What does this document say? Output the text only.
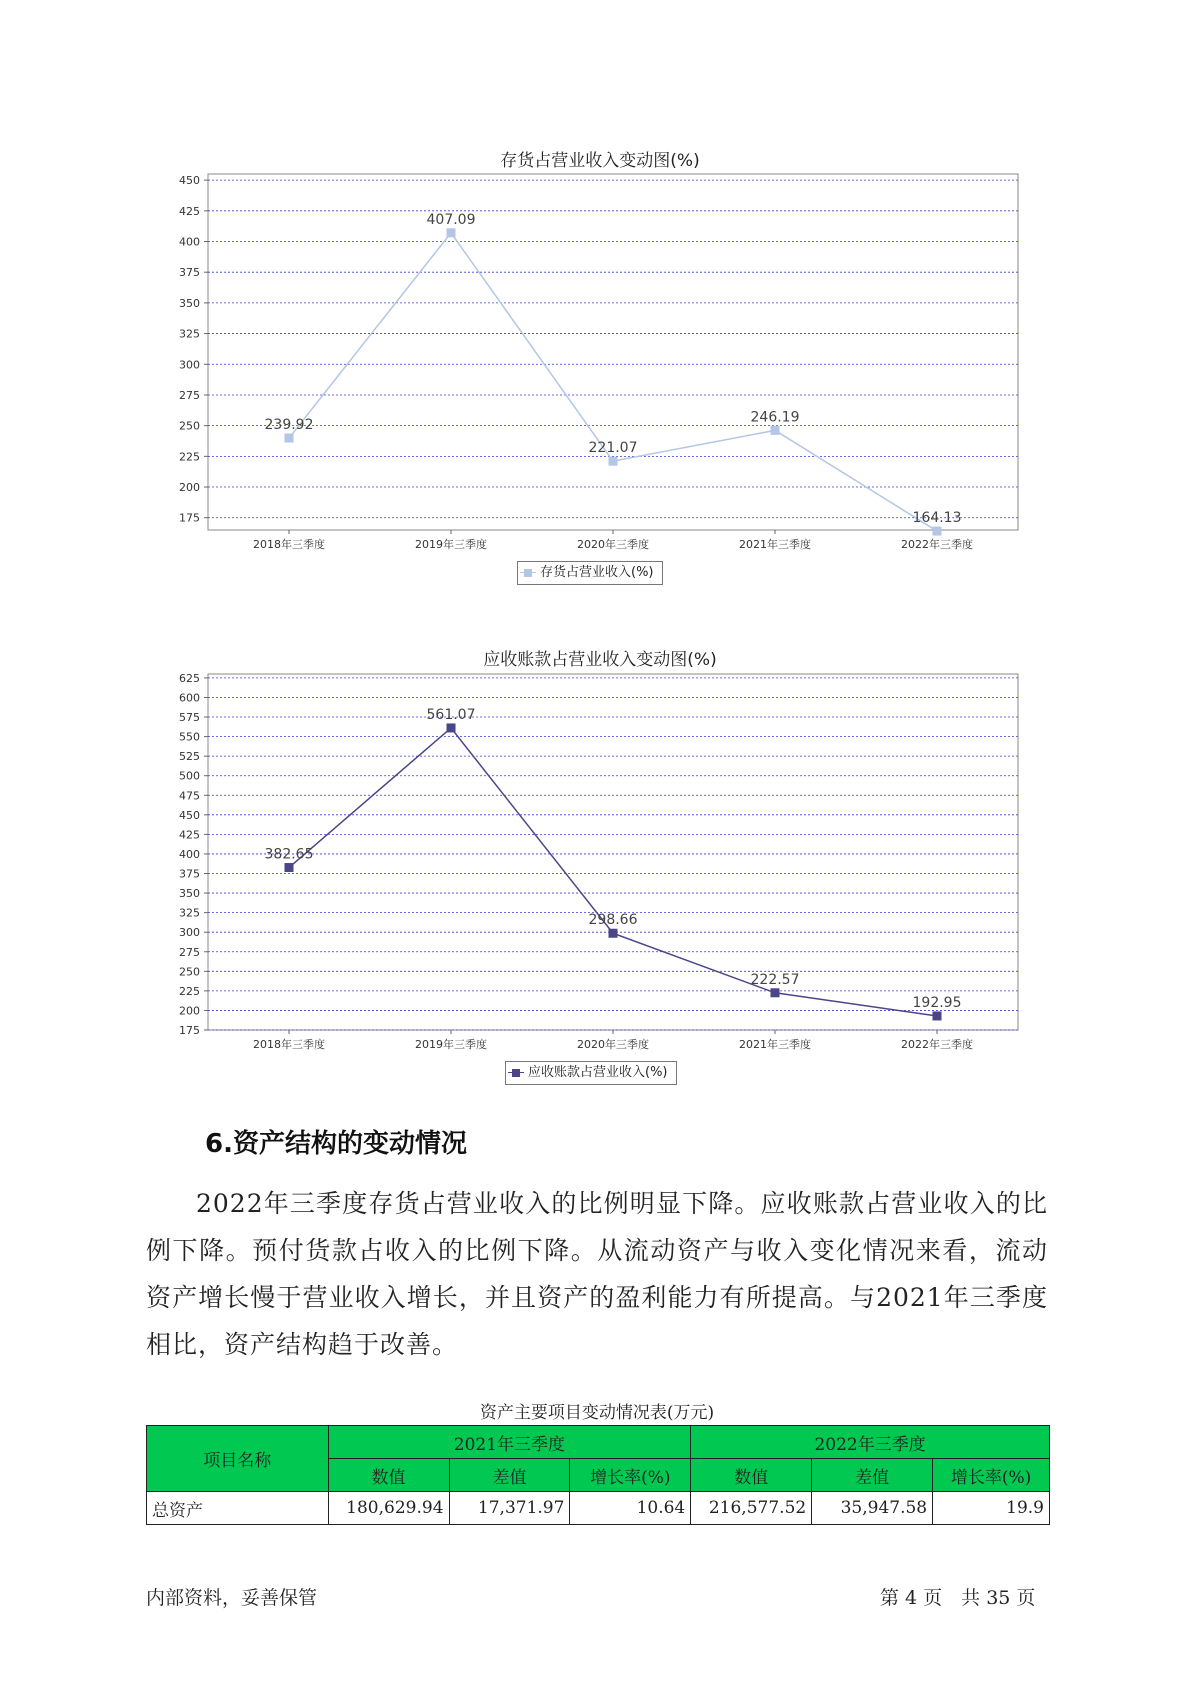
存货占营业收入变动图(%)
175
200
225
250
275
300
325
350
375
400
425
450
2018年三季度	2019年三季度	2020年三季度	2021年三季度	2022年三季度
239.92
407.09
221.07
246.19
164.13
存货占营业收入(%)
应收账款占营业收入变动图(%)
175
200
225
250
275
300
325
350
375
400
425
450
475
500
525
550
575
600
625
2018年三季度	2019年三季度	2020年三季度	2021年三季度	2022年三季度
382.65
561.07
298.66
222.57
192.95
应收账款占营业收入(%)
6.资产结构的变动情况
2022年三季度存货占营业收入的比例明显下降。应收账款占营业收入的比例下降。预付货款占收入的比例下降。从流动资产与收入变化情况来看，流动资产增长慢于营业收入增长，并且资产的盈利能力有所提高。与2021年三季度相比，资产结构趋于改善。
资产主要项目变动情况表(万元)
项目名称	2021年三季度			2022年三季度		
	数值	差值	增长率(%)	数值	差值	增长率(%)
总资产	180,629.94	17,371.97	10.64	216,577.52	35,947.58	19.9
内部资料，妥善保管	第 4 页　共 35 页
